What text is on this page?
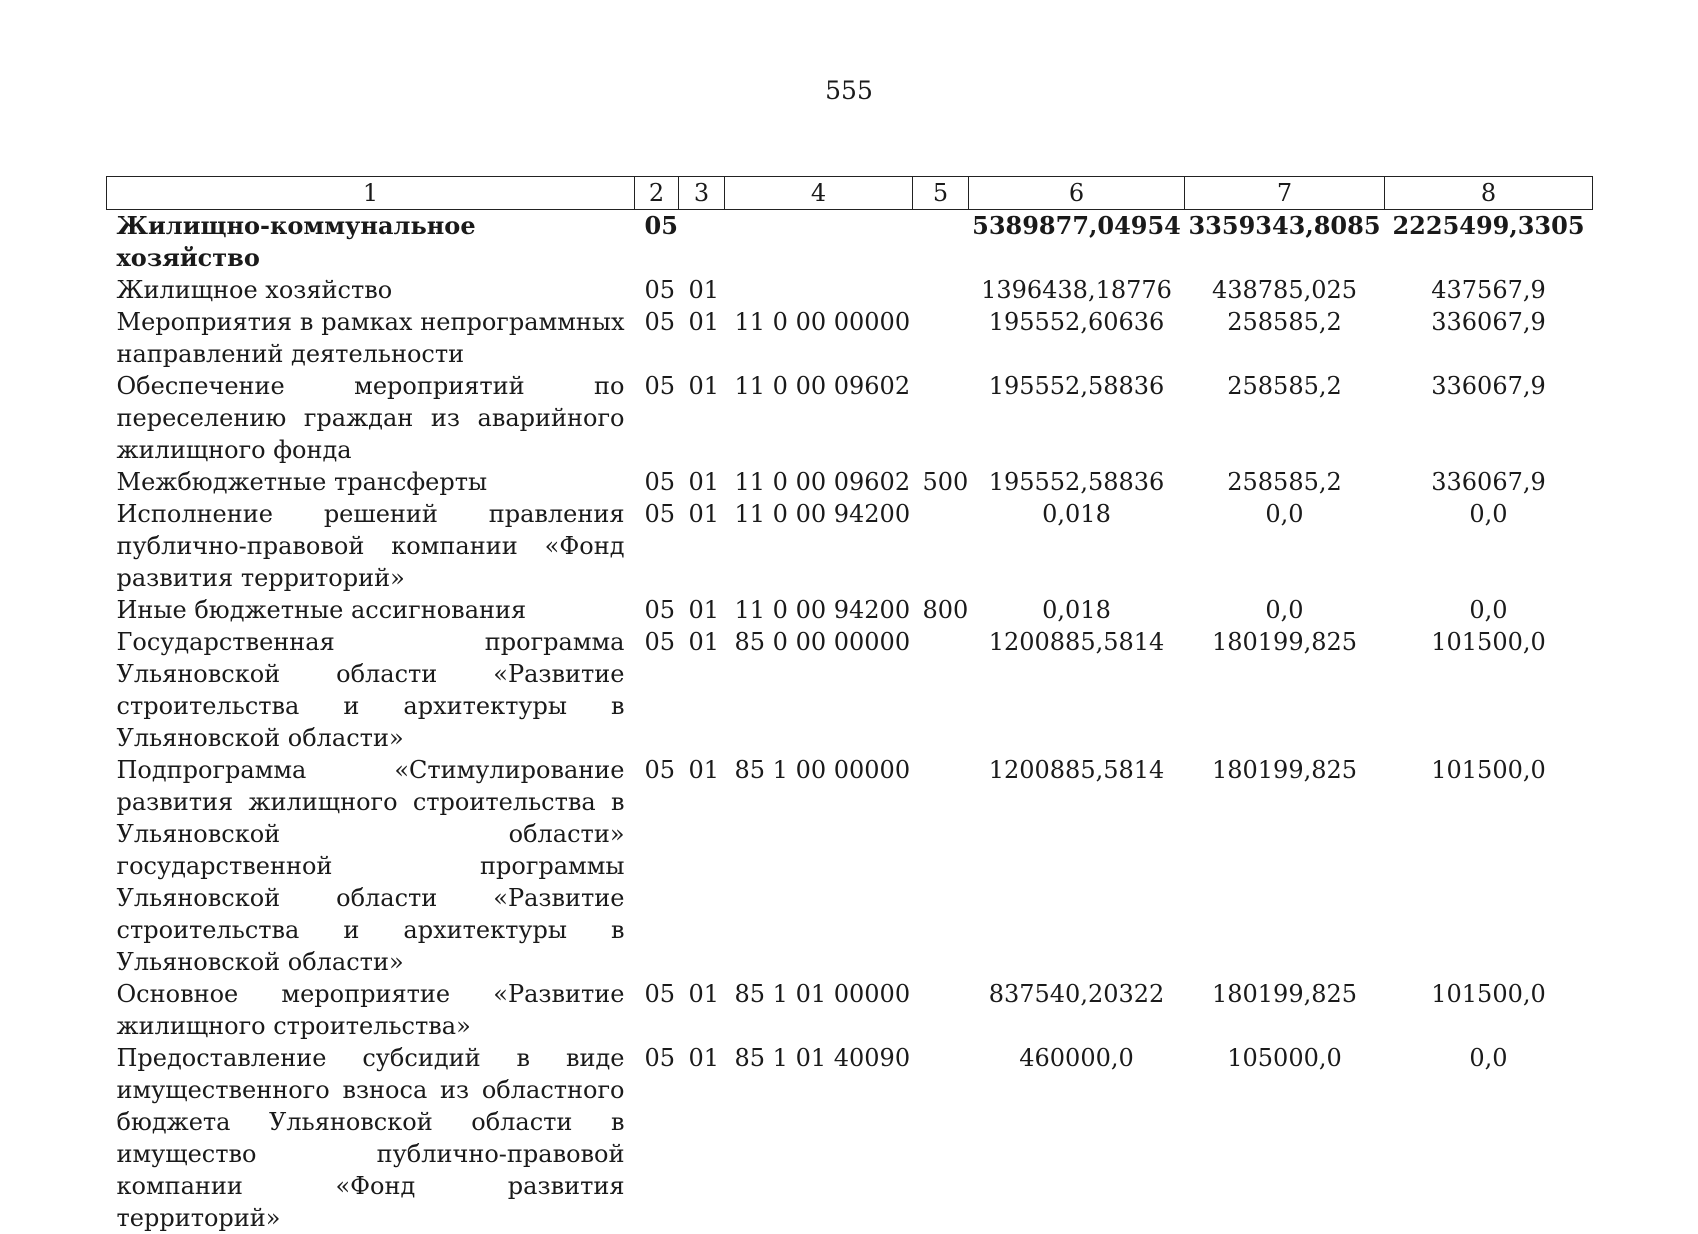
555
1	2	3	4	5	6	7	8
Жилищно-коммунальное хозяйство	05				5389877,04954	3359343,8085	2225499,3305
Жилищное хозяйство	05	01			1396438,18776	438785,025	437567,9
Мероприятия в рамках непрограммных направлений деятельности	05	01	11 0 00 00000		195552,60636	258585,2	336067,9
Обеспечение мероприятий по переселению граждан из аварийного жилищного фонда	05	01	11 0 00 09602		195552,58836	258585,2	336067,9
Межбюджетные трансферты	05	01	11 0 00 09602	500	195552,58836	258585,2	336067,9
Исполнение решений правления публично-правовой компании «Фонд развития территорий»	05	01	11 0 00 94200		0,018	0,0	0,0
Иные бюджетные ассигнования	05	01	11 0 00 94200	800	0,018	0,0	0,0
Государственная программа Ульяновской области «Развитие строительства и архитектуры в Ульяновской области»	05	01	85 0 00 00000		1200885,5814	180199,825	101500,0
Подпрограмма «Стимулирование развития жилищного строительства в Ульяновской области» государственной программы Ульяновской области «Развитие строительства и архитектуры в Ульяновской области»	05	01	85 1 00 00000		1200885,5814	180199,825	101500,0
Основное мероприятие «Развитие жилищного строительства»	05	01	85 1 01 00000		837540,20322	180199,825	101500,0
Предоставление субсидий в виде имущественного взноса из областного бюджета Ульяновской области в имущество публично-правовой компании «Фонд развития территорий»	05	01	85 1 01 40090		460000,0	105000,0	0,0
